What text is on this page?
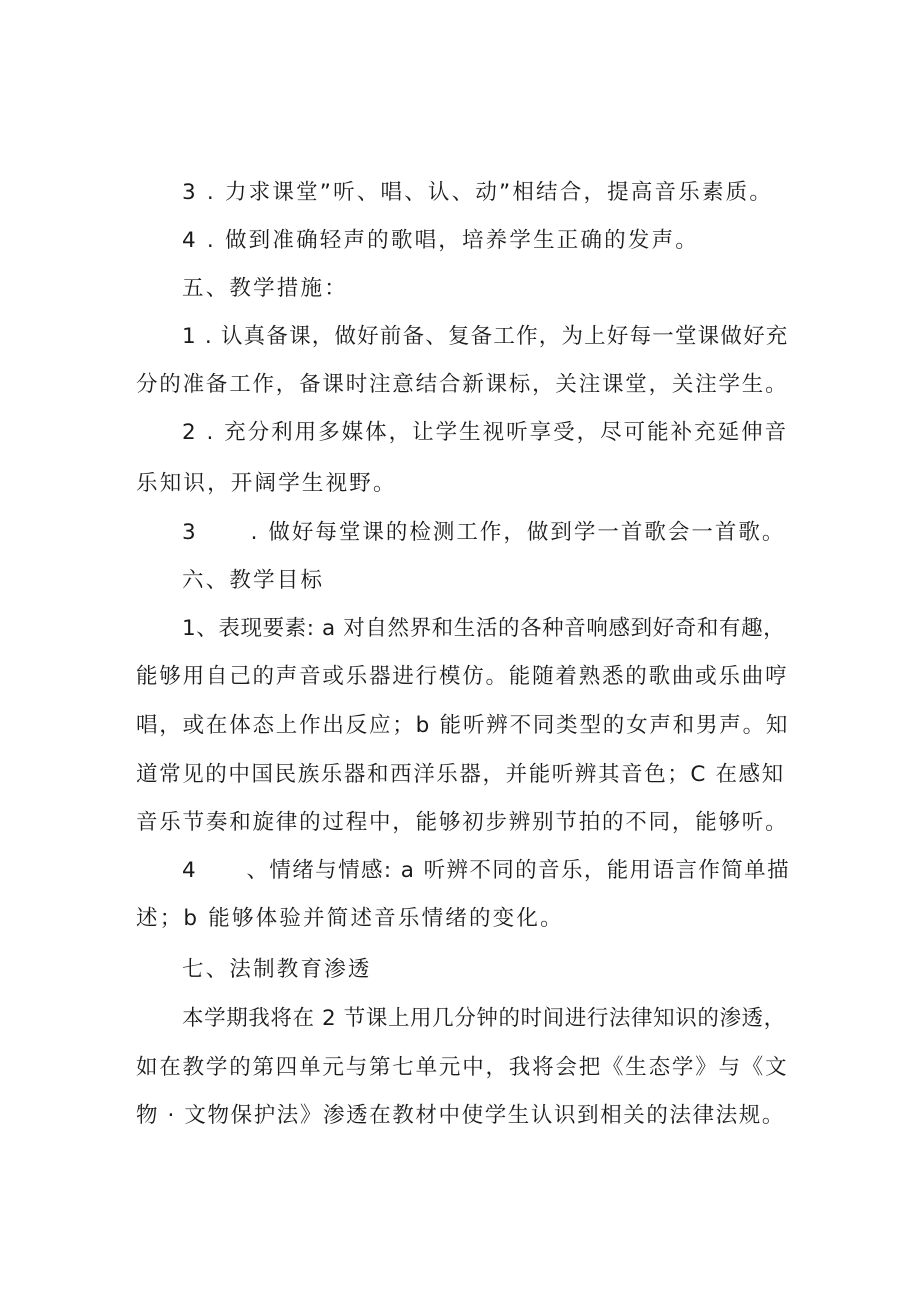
3 . 力求课堂”听、唱、认、动”相结合，提高音乐素质。
4 . 做到准确轻声的歌唱，培养学生正确的发声。
五、教学措施：
1 . 认真备课，做好前备、复备工作，为上好每一堂课做好充
分的准备工作，备课时注意结合新课标，关注课堂，关注学生。
2 . 充分利用多媒体，让学生视听享受，尽可能补充延伸音
乐知识，开阔学生视野。
3      . 做好每堂课的检测工作，做到学一首歌会一首歌。
六、教学目标
1、表现要素: a 对自然界和生活的各种音响感到好奇和有趣，
能够用自己的声音或乐器进行模仿。能随着熟悉的歌曲或乐曲哼
唱，或在体态上作出反应；b 能听辨不同类型的女声和男声。知
道常见的中国民族乐器和西洋乐器，并能听辨其音色；C 在感知
音乐节奏和旋律的过程中，能够初步辨别节拍的不同，能够听。
4      、情绪与情感: a 听辨不同的音乐，能用语言作简单描
述；b 能够体验并简述音乐情绪的变化。
七、法制教育渗透
本学期我将在 2 节课上用几分钟的时间进行法律知识的渗透，
如在教学的第四单元与第七单元中，我将会把《生态学》与《文
物 · 文物保护法》渗透在教材中使学生认识到相关的法律法规。
